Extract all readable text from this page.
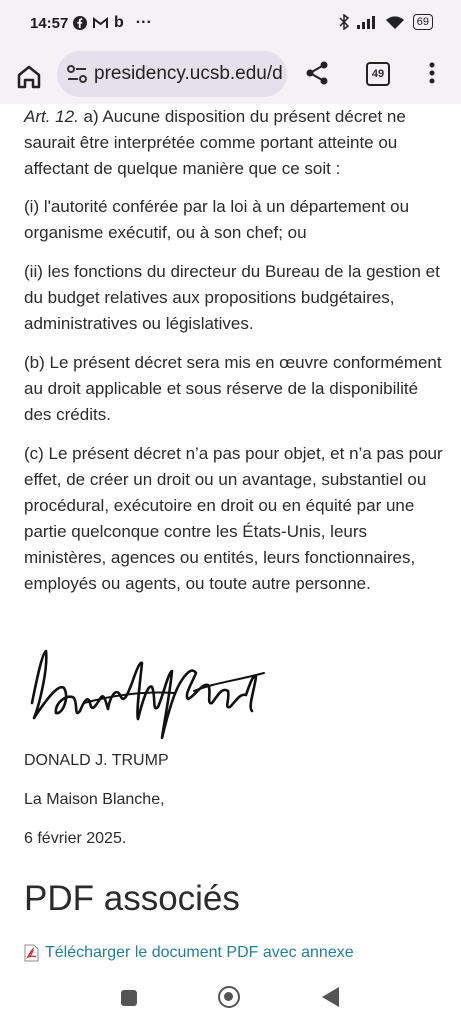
14:57	b ···	69
presidency.ucsb.edu/d	49

Art. 12. a) Aucune disposition du présent décret ne saurait être interprétée comme portant atteinte ou affectant de quelque manière que ce soit :

(i) l'autorité conférée par la loi à un département ou organisme exécutif, ou à son chef; ou

(ii) les fonctions du directeur du Bureau de la gestion et du budget relatives aux propositions budgétaires, administratives ou législatives.

(b) Le présent décret sera mis en œuvre conformément au droit applicable et sous réserve de la disponibilité des crédits.

(c) Le présent décret n’a pas pour objet, et n’a pas pour effet, de créer un droit ou un avantage, substantiel ou procédural, exécutoire en droit ou en équité par une partie quelconque contre les États-Unis, leurs ministères, agences ou entités, leurs fonctionnaires, employés ou agents, ou toute autre personne.

DONALD J. TRUMP
La Maison Blanche,
6 février 2025.
PDF associés
Télécharger le document PDF avec annexe
